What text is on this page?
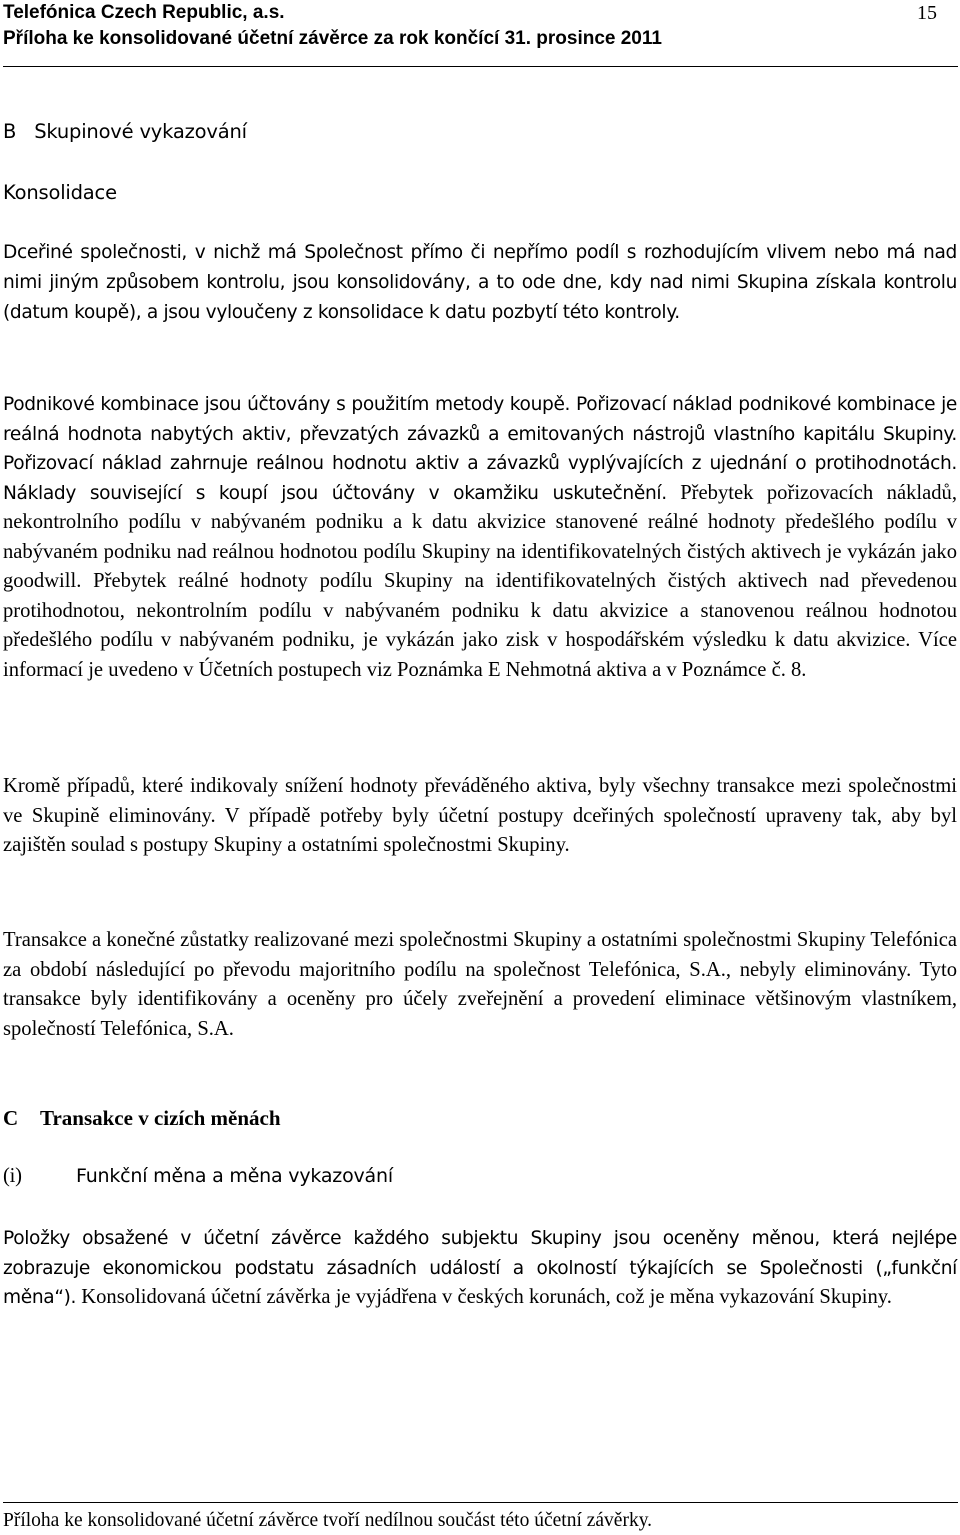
Telefónica Czech Republic, a.s.
Příloha ke konsolidované účetní závěrce za rok končící 31. prosince 2011
15
B Skupinové vykazování
Konsolidace
Dceřiné společnosti, v nichž má Společnost přímo či nepřímo podíl s rozhodujícím vlivem nebo má nad nimi jiným způsobem kontrolu, jsou konsolidovány, a to ode dne, kdy nad nimi Skupina získala kontrolu (datum koupě), a jsou vyloučeny z konsolidace k datu pozbytí této kontroly.
Podnikové kombinace jsou účtovány s použitím metody koupě. Pořizovací náklad podnikové kombinace je reálná hodnota nabytých aktiv, převzatých závazků a emitovaných nástrojů vlastního kapitálu Skupiny. Pořizovací náklad zahrnuje reálnou hodnotu aktiv a závazků vyplývajících z ujednání o protihodnotách. Náklady související s koupí jsou účtovány v okamžiku uskutečnění. Přebytek pořizovacích nákladů, nekontrolního podílu v nabývaném podniku a k datu akvizice stanovené reálné hodnoty předešlého podílu v nabývaném podniku nad reálnou hodnotou podílu Skupiny na identifikovatelných čistých aktivech je vykázán jako goodwill. Přebytek reálné hodnoty podílu Skupiny na identifikovatelných čistých aktivech nad převedenou protihodnotou, nekontrolním podílu v nabývaném podniku k datu akvizice a stanovenou reálnou hodnotou předešlého podílu v nabývaném podniku, je vykázán jako zisk v hospodářském výsledku k datu akvizice. Více informací je uvedeno v Účetních postupech viz Poznámka E Nehmotná aktiva a v Poznámce č. 8.
Kromě případů, které indikovaly snížení hodnoty převáděného aktiva, byly všechny transakce mezi společnostmi ve Skupině eliminovány. V případě potřeby byly účetní postupy dceřiných společností upraveny tak, aby byl zajištěn soulad s postupy Skupiny a ostatními společnostmi Skupiny.
Transakce a konečné zůstatky realizované mezi společnostmi Skupiny a ostatními společnostmi Skupiny Telefónica za období následující po převodu majoritního podílu na společnost Telefónica, S.A., nebyly eliminovány. Tyto transakce byly identifikovány a oceněny pro účely zveřejnění a provedení eliminace většinovým vlastníkem, společností Telefónica, S.A.
C Transakce v cizích měnách
(i)	Funkční měna a měna vykazování
Položky obsažené v účetní závěrce každého subjektu Skupiny jsou oceněny měnou, která nejlépe zobrazuje ekonomickou podstatu zásadních událostí a okolností týkajících se Společnosti („funkční měna“). Konsolidovaná účetní závěrka je vyjádřena v českých korunách, což je měna vykazování Skupiny.
Příloha ke konsolidované účetní závěrce tvoří nedílnou součást této účetní závěrky.
